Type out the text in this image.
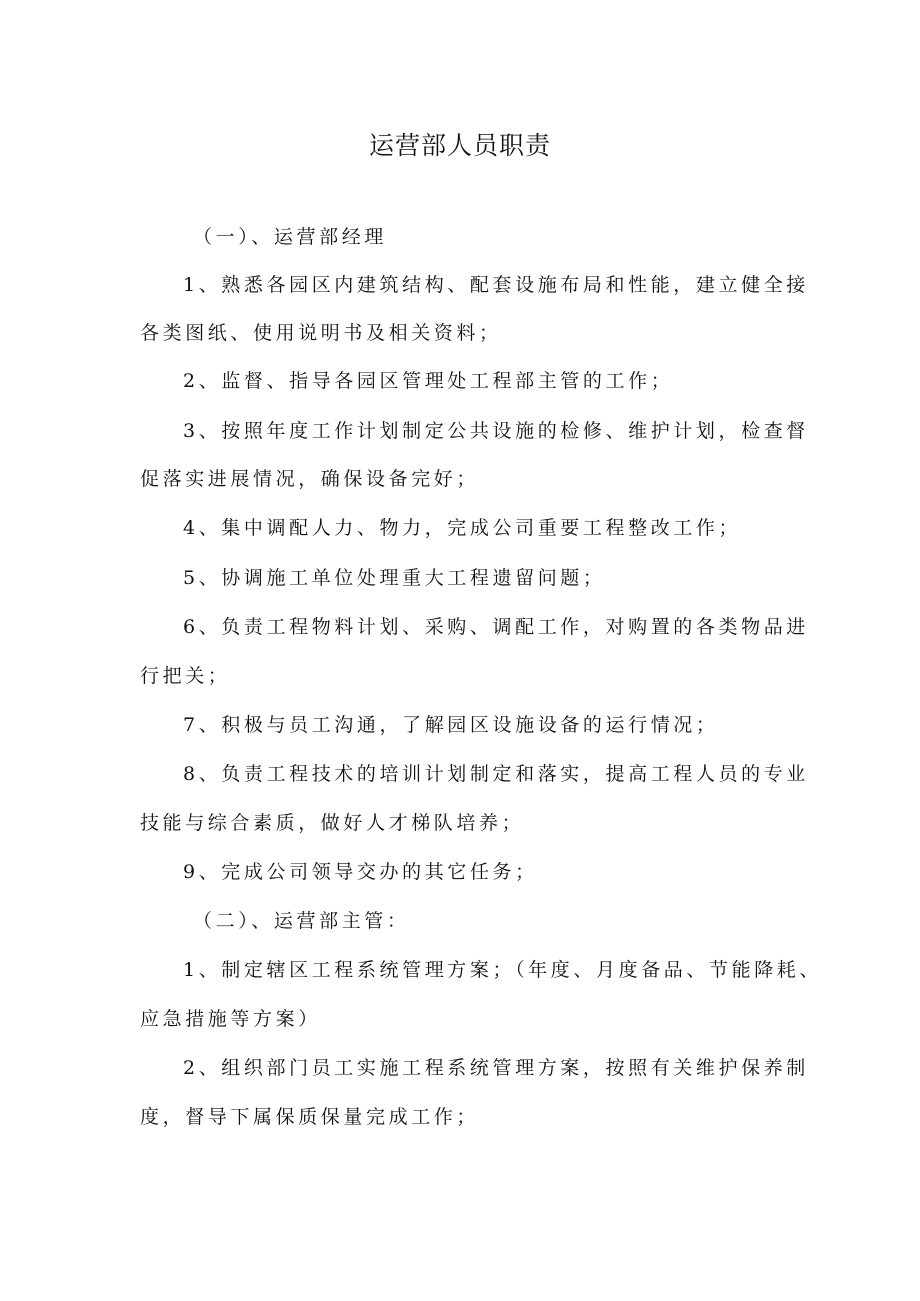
运营部人员职责

（一）、运营部经理

1、熟悉各园区内建筑结构、配套设施布局和性能，建立健全接

各类图纸、使用说明书及相关资料；

2、监督、指导各园区管理处工程部主管的工作；

3、按照年度工作计划制定公共设施的检修、维护计划，检查督

促落实进展情况，确保设备完好；

4、集中调配人力、物力，完成公司重要工程整改工作；

5、协调施工单位处理重大工程遗留问题；

6、负责工程物料计划、采购、调配工作，对购置的各类物品进

行把关；

7、积极与员工沟通，了解园区设施设备的运行情况；

8、负责工程技术的培训计划制定和落实，提高工程人员的专业

技能与综合素质，做好人才梯队培养；

9、完成公司领导交办的其它任务；

（二）、运营部主管：

1、制定辖区工程系统管理方案；（年度、月度备品、节能降耗、

应急措施等方案）

2、组织部门员工实施工程系统管理方案，按照有关维护保养制

度，督导下属保质保量完成工作；
